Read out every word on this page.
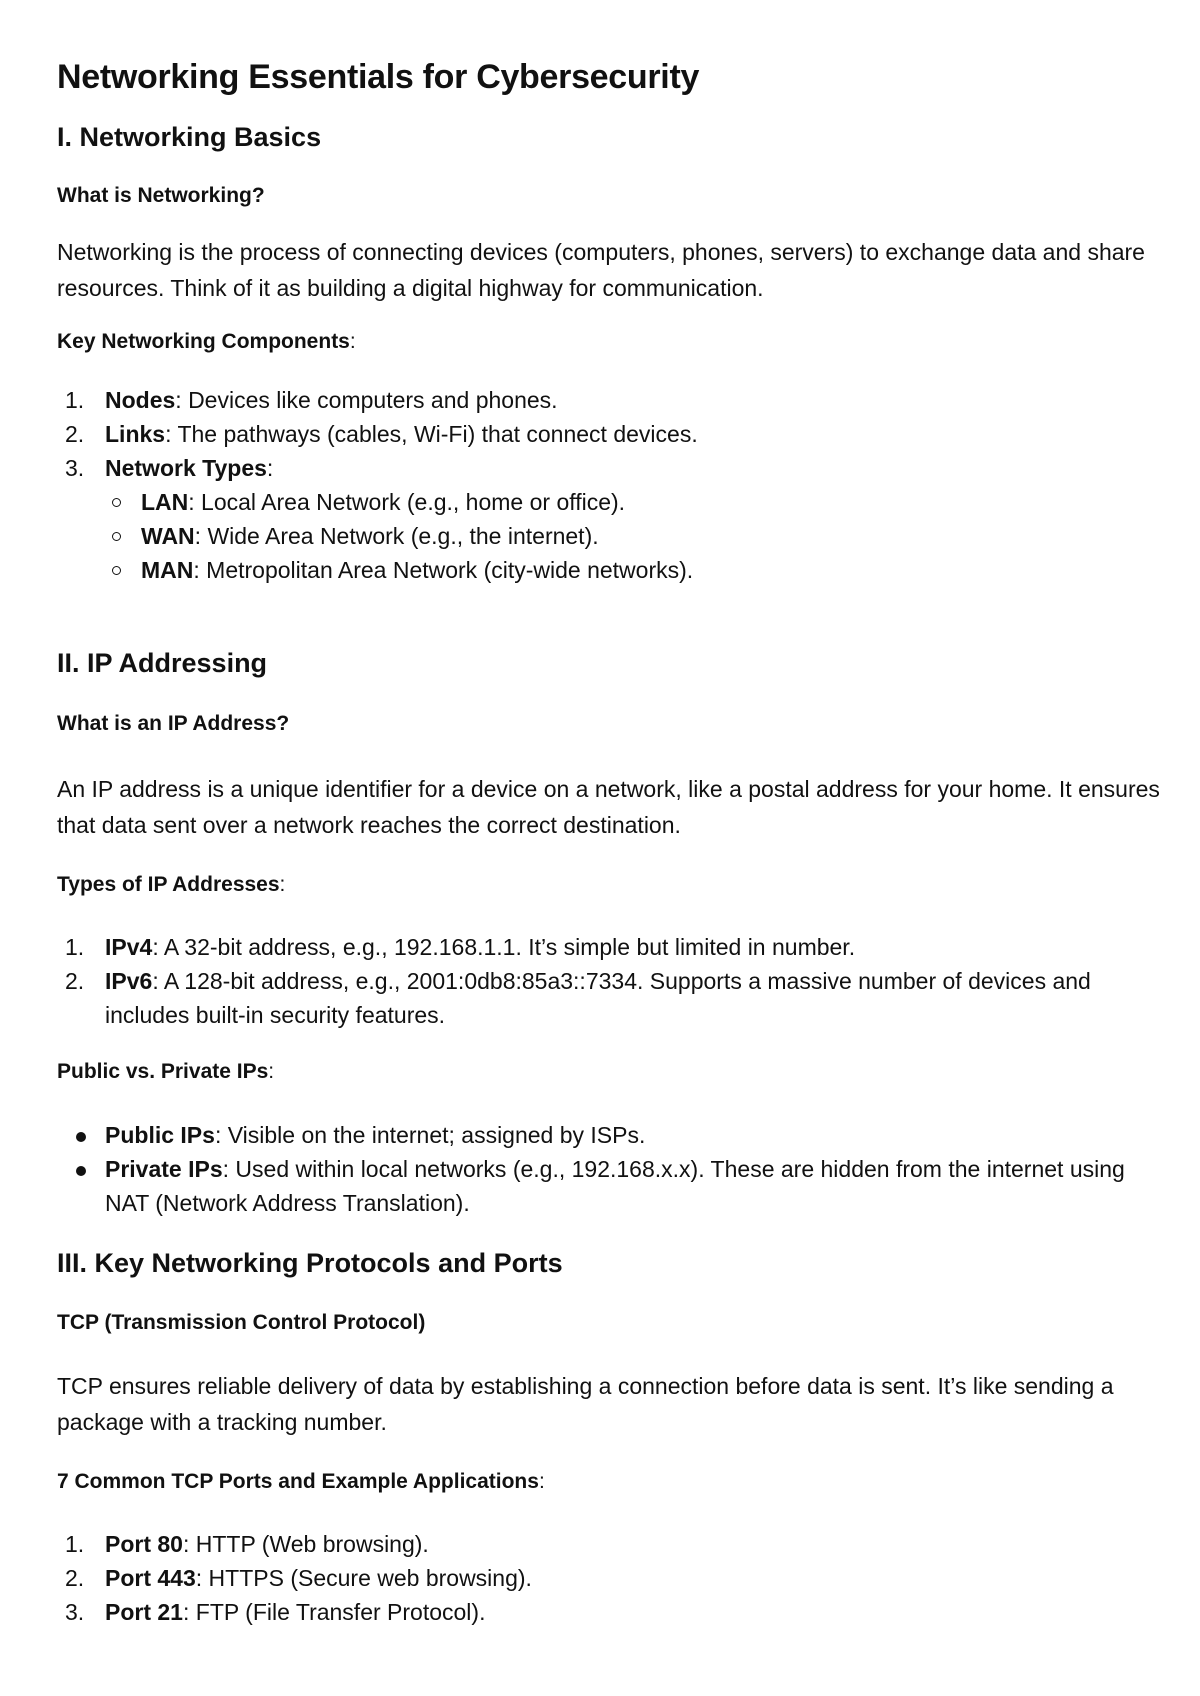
Networking Essentials for Cybersecurity
I. Networking Basics
What is Networking?

Networking is the process of connecting devices (computers, phones, servers) to exchange data and share resources. Think of it as building a digital highway for communication.

Key Networking Components:
1. Nodes: Devices like computers and phones.
2. Links: The pathways (cables, Wi-Fi) that connect devices.
3. Network Types:
LAN: Local Area Network (e.g., home or office).
WAN: Wide Area Network (e.g., the internet).
MAN: Metropolitan Area Network (city-wide networks).
II. IP Addressing
What is an IP Address?

An IP address is a unique identifier for a device on a network, like a postal address for your home. It ensures that data sent over a network reaches the correct destination.

Types of IP Addresses:
1. IPv4: A 32-bit address, e.g., 192.168.1.1. It’s simple but limited in number.
2. IPv6: A 128-bit address, e.g., 2001:0db8:85a3::7334. Supports a massive number of devices and includes built-in security features.
Public vs. Private IPs:
Public IPs: Visible on the internet; assigned by ISPs.
Private IPs: Used within local networks (e.g., 192.168.x.x). These are hidden from the internet using NAT (Network Address Translation).
III. Key Networking Protocols and Ports
TCP (Transmission Control Protocol)

TCP ensures reliable delivery of data by establishing a connection before data is sent. It’s like sending a package with a tracking number.

7 Common TCP Ports and Example Applications:
1. Port 80: HTTP (Web browsing).
2. Port 443: HTTPS (Secure web browsing).
3. Port 21: FTP (File Transfer Protocol).
